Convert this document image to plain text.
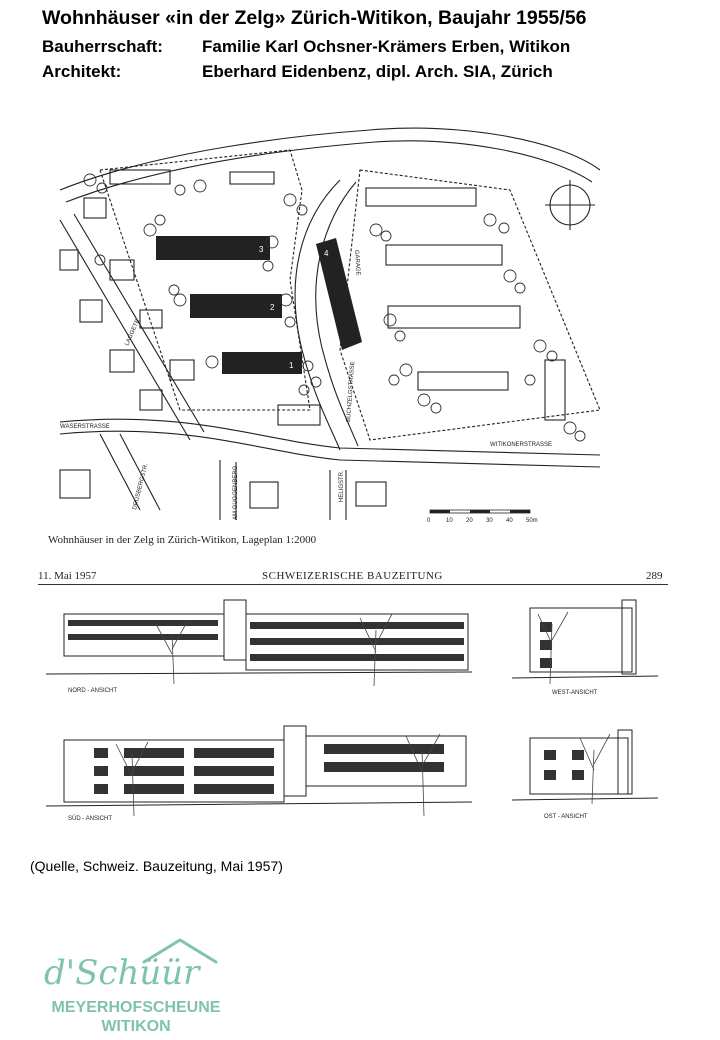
Wohnhäuser «in der Zelg» Zürich-Witikon, Baujahr 1955/56
Bauherrschaft: Familie Karl Ochsner-Krämers Erben, Witikon
Architekt:	Eberhard Eidenbenz, dipl. Arch. SIA, Zürich
3
2
1
4
WASERSTRASSE
WITIKONERSTRASSE
BUCHZELGSTRASSE
LAGGETE
DRUSBERGSTR.	AM GUGGENBERG	HELIGSTR.
GARAGE
0	10 20 30 40 50m
Wohnhäuser in der Zelg in Zürich-Witikon, Lageplan 1:2000
11. Mai 1957	SCHWEIZERISCHE BAUZEITUNG	289
NORD - ANSICHT	WEST-ANSICHT
SÜD - ANSICHT	OST - ANSICHT
(Quelle, Schweiz. Bauzeitung, Mai 1957)
d'Schüür
MEYERHOFSCHEUNE
WITIKON
